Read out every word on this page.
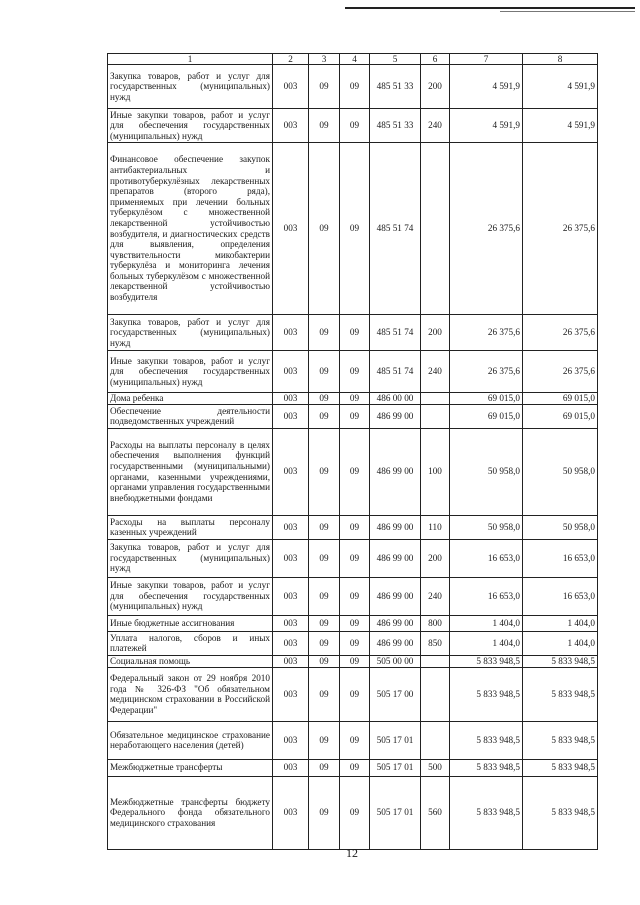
1	2	3	4	5	6	7	8
Закупка товаров, работ и услуг для государственных (муниципальных) нужд	003	09	09	485 51 33	200	4 591,9	4 591,9
Иные закупки товаров, работ и услуг для обеспечения государственных (муниципальных) нужд	003	09	09	485 51 33	240	4 591,9	4 591,9
Финансовое обеспечение закупок антибактериальных и противотуберкулёзных лекарственных препаратов (второго ряда), применяемых при лечении больных туберкулёзом с множественной лекарственной устойчивостью возбудителя, и диагностических средств для выявления, определения чувствительности микобактерии туберкулёза и мониторинга лечения больных туберкулёзом с множественной лекарственной устойчивостью возбудителя	003	09	09	485 51 74		26 375,6	26 375,6
Закупка товаров, работ и услуг для государственных (муниципальных) нужд	003	09	09	485 51 74	200	26 375,6	26 375,6
Иные закупки товаров, работ и услуг для обеспечения государственных (муниципальных) нужд	003	09	09	485 51 74	240	26 375,6	26 375,6
Дома ребенка	003	09	09	486 00 00		69 015,0	69 015,0
Обеспечение деятельности подведомственных учреждений	003	09	09	486 99 00		69 015,0	69 015,0
Расходы на выплаты персоналу в целях обеспечения выполнения функций государственными (муниципальными) органами, казенными учреждениями, органами управления государственными внебюджетными фондами	003	09	09	486 99 00	100	50 958,0	50 958,0
Расходы на выплаты персоналу казенных учреждений	003	09	09	486 99 00	110	50 958,0	50 958,0
Закупка товаров, работ и услуг для государственных (муниципальных) нужд	003	09	09	486 99 00	200	16 653,0	16 653,0
Иные закупки товаров, работ и услуг для обеспечения государственных (муниципальных) нужд	003	09	09	486 99 00	240	16 653,0	16 653,0
Иные бюджетные ассигнования	003	09	09	486 99 00	800	1 404,0	1 404,0
Уплата налогов, сборов и иных платежей	003	09	09	486 99 00	850	1 404,0	1 404,0
Социальная помощь	003	09	09	505 00 00		5 833 948,5	5 833 948,5
Федеральный закон от 29 ноября 2010 года № 326-ФЗ "Об обязательном медицинском страховании в Российской Федерации"	003	09	09	505 17 00		5 833 948,5	5 833 948,5
Обязательное медицинское страхование неработающего населения (детей)	003	09	09	505 17 01		5 833 948,5	5 833 948,5
Межбюджетные трансферты	003	09	09	505 17 01	500	5 833 948,5	5 833 948,5
Межбюджетные трансферты бюджету Федерального фонда обязательного медицинского страхования	003	09	09	505 17 01	560	5 833 948,5	5 833 948,5
12
